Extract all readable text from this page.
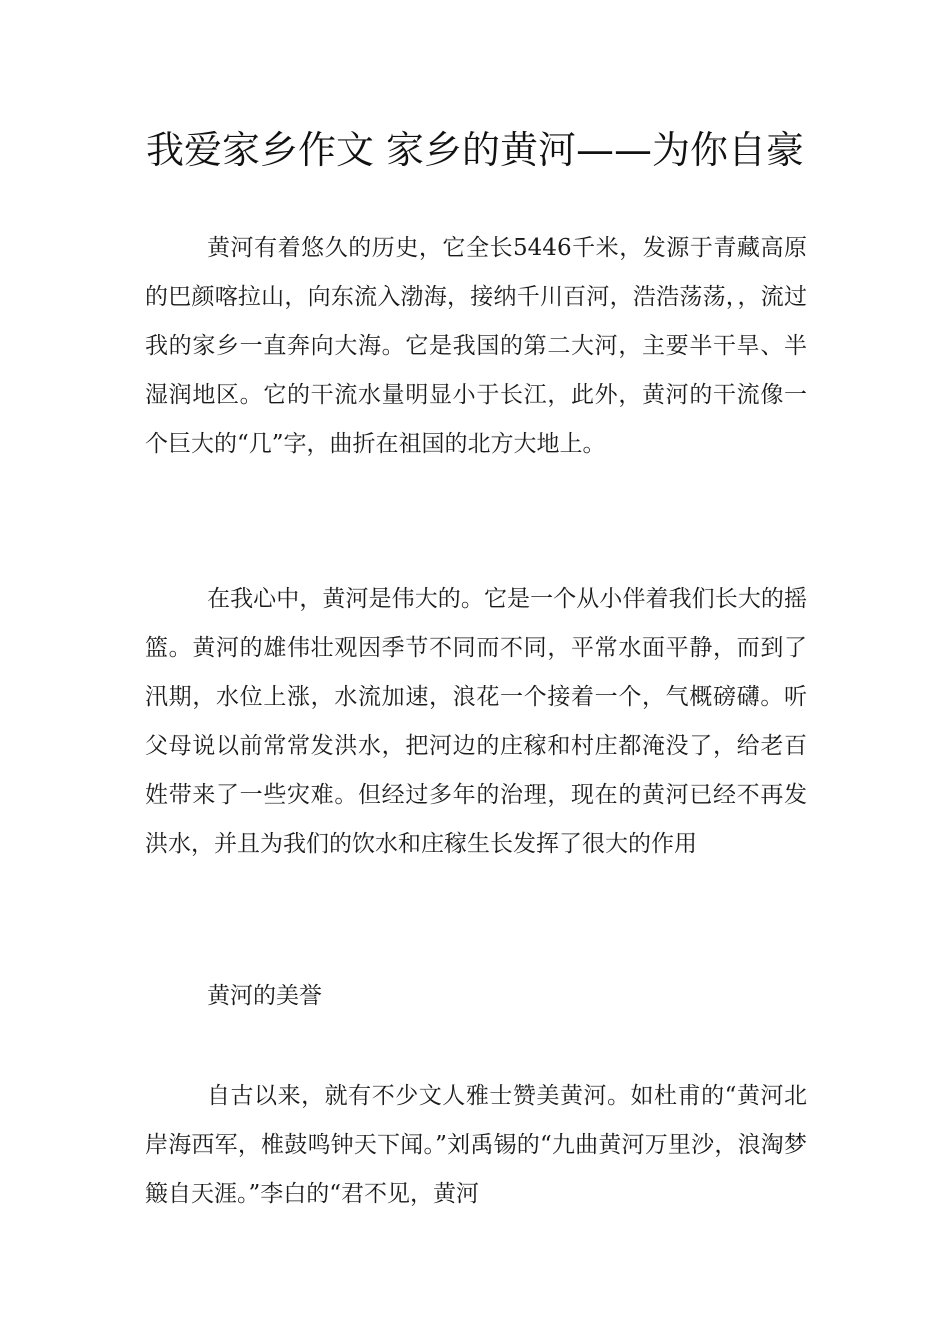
我爱家乡作文 家乡的黄河——为你自豪

黄河有着悠久的历史，它全长5446千米，发源于青藏高原的巴颜喀拉山，向东流入渤海，接纳千川百河，浩浩荡荡，，流过我的家乡一直奔向大海。它是我国的第二大河，主要半干旱、半湿润地区。它的干流水量明显小于长江，此外，黄河的干流像一个巨大的“几”字，曲折在祖国的北方大地上。

在我心中，黄河是伟大的。它是一个从小伴着我们长大的摇篮。黄河的雄伟壮观因季节不同而不同，平常水面平静，而到了汛期，水位上涨，水流加速，浪花一个接着一个，气概磅礴。听父母说以前常常发洪水，把河边的庄稼和村庄都淹没了，给老百姓带来了一些灾难。但经过多年的治理，现在的黄河已经不再发洪水，并且为我们的饮水和庄稼生长发挥了很大的作用

黄河的美誉

自古以来，就有不少文人雅士赞美黄河。如杜甫的“黄河北岸海西军，椎鼓鸣钟天下闻。”刘禹锡的“九曲黄河万里沙，浪淘梦簸自天涯。”李白的“君不见，黄河
